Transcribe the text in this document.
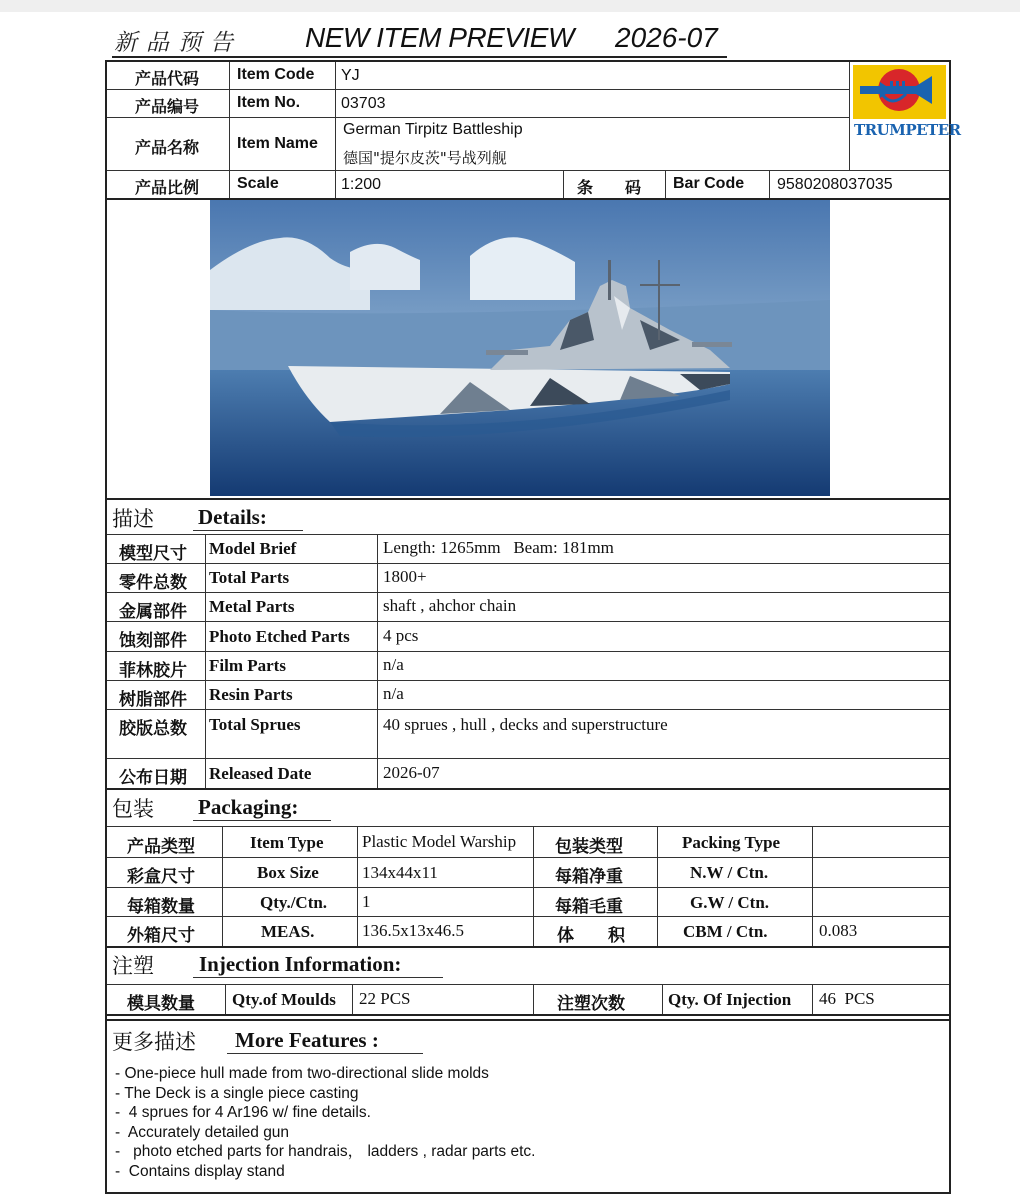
新品预告 NEW ITEM PREVIEW 2026-07
产品代码 Item Code YJ
产品编号 Item No.	03703
产品名称 Item Name
German Tirpitz Battleship
德国"提尔皮茨"号战列舰
产品比例 Scale	1:200	条　　码 Bar Code 9580208037035
TRUMPETER
描述 Details:
模型尺寸 Model Brief	Length: 1265mm   Beam: 181mm
零件总数 Total Parts	1800+
金属部件 Metal Parts	shaft , ahchor chain
蚀刻部件 Photo Etched Parts 4 pcs
菲林胶片 Film Parts	n/a
树脂部件 Resin Parts	n/a
胶版总数 Total Sprues	40 sprues , hull , decks and superstructure
公布日期 Released Date	2026-07
包装 Packaging:
产品类型	Item Type Plastic Model Warship	包装类型	Packing Type
彩盒尺寸	Box Size	134x44x11	每箱净重	N.W / Ctn.
每箱数量	Qty./Ctn. 1	每箱毛重	G.W / Ctn.
外箱尺寸	MEAS.	136.5x13x46.5	体　　积	CBM / Ctn.	0.083
注塑 Injection Information:
模具数量 Qty.of Moulds 22 PCS	注塑次数	Qty. Of Injection 46  PCS
更多描述 More Features :
- One-piece hull made from two-directional slide molds
- The Deck is a single piece casting
-  4 sprues for 4 Ar196 w/ fine details.
-  Accurately detailed gun
-   photo etched parts for handrais， ladders , radar parts etc.
-  Contains display stand
